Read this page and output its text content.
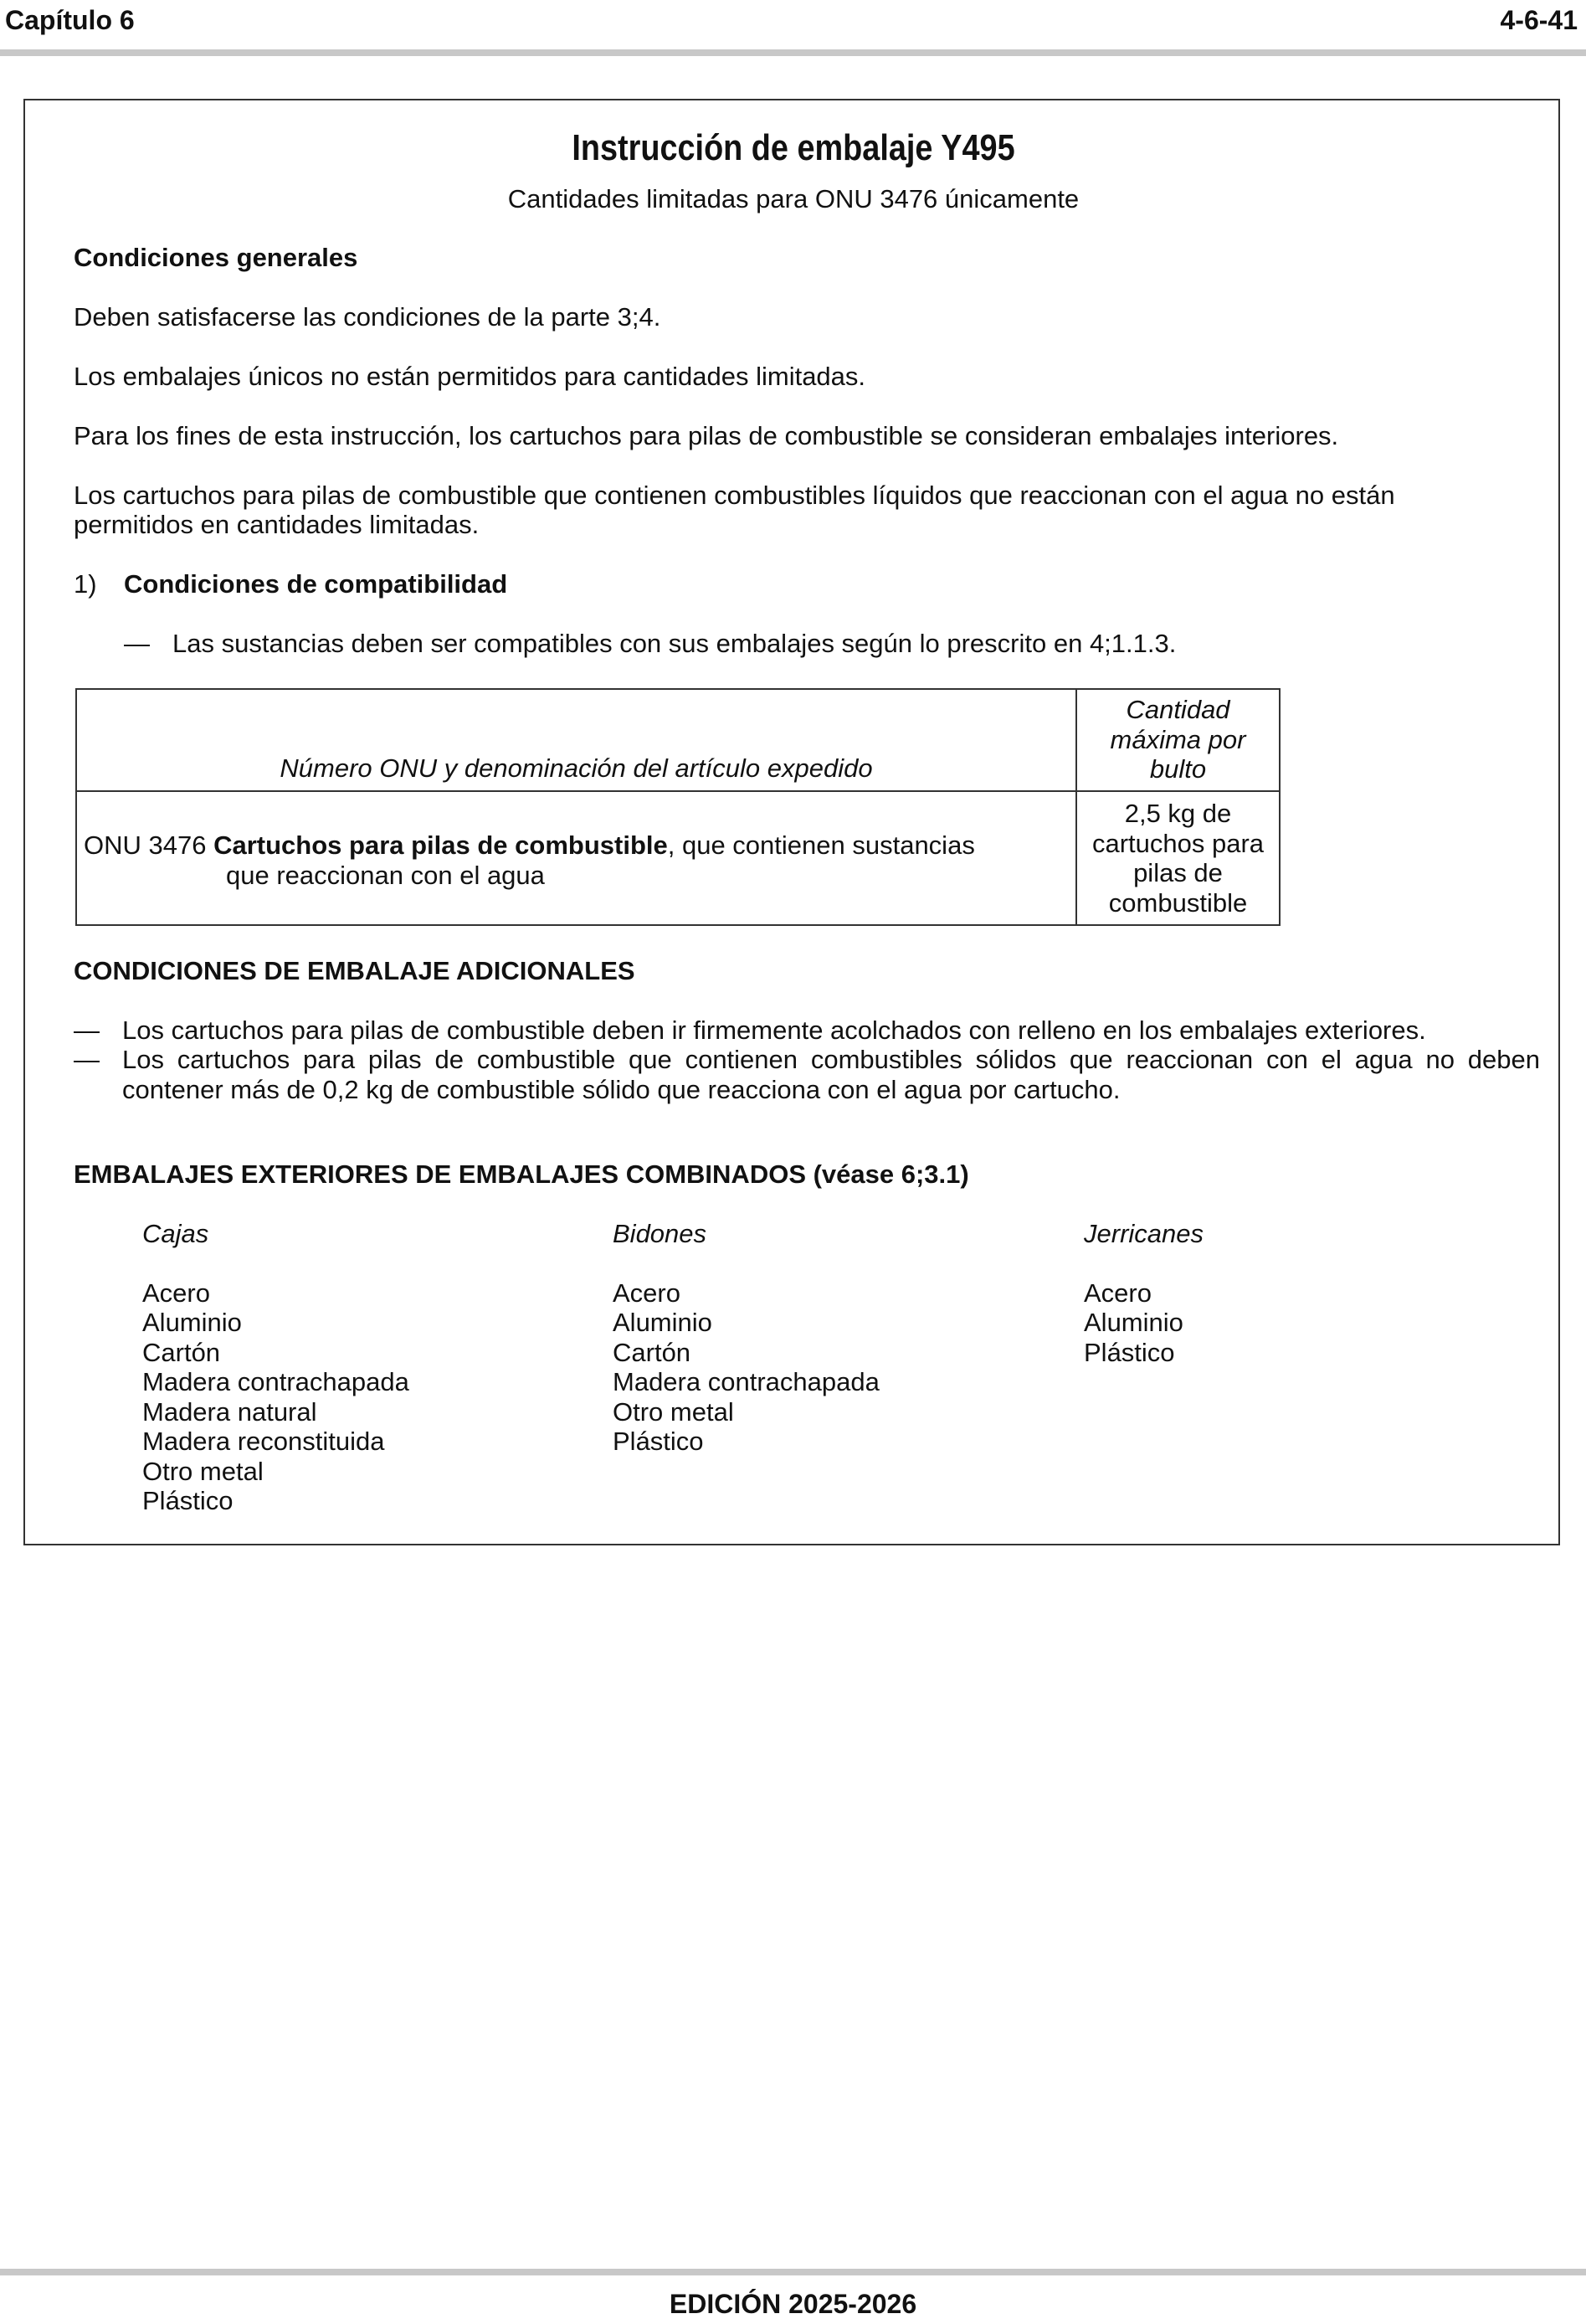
Capítulo 6	4-6-41
Instrucción de embalaje Y495
Cantidades limitadas para ONU 3476 únicamente
Condiciones generales
Deben satisfacerse las condiciones de la parte 3;4.
Los embalajes únicos no están permitidos para cantidades limitadas.
Para los fines de esta instrucción, los cartuchos para pilas de combustible se consideran embalajes interiores.
Los cartuchos para pilas de combustible que contienen combustibles líquidos que reaccionan con el agua no están
permitidos en cantidades limitadas.
1) Condiciones de compatibilidad
— Las sustancias deben ser compatibles con sus embalajes según lo prescrito en 4;1.1.3.
Número ONU y denominación del artículo expedido
Cantidad
máxima por
bulto
ONU 3476 Cartuchos para pilas de combustible, que contienen sustancias
que reaccionan con el agua
2,5 kg de
cartuchos para
pilas de
combustible
CONDICIONES DE EMBALAJE ADICIONALES
— Los cartuchos para pilas de combustible deben ir firmemente acolchados con relleno en los embalajes exteriores.
— Los cartuchos para pilas de combustible que contienen combustibles sólidos que reaccionan con el agua no deben contener más de 0,2 kg de combustible sólido que reacciona con el agua por cartucho.
EMBALAJES EXTERIORES DE EMBALAJES COMBINADOS (véase 6;3.1)
Cajas
Acero
Aluminio
Cartón
Madera contrachapada
Madera natural
Madera reconstituida
Otro metal
Plástico
Bidones
Acero
Aluminio
Cartón
Madera contrachapada
Otro metal
Plástico
Jerricanes
Acero
Aluminio
Plástico
EDICIÓN 2025-2026
